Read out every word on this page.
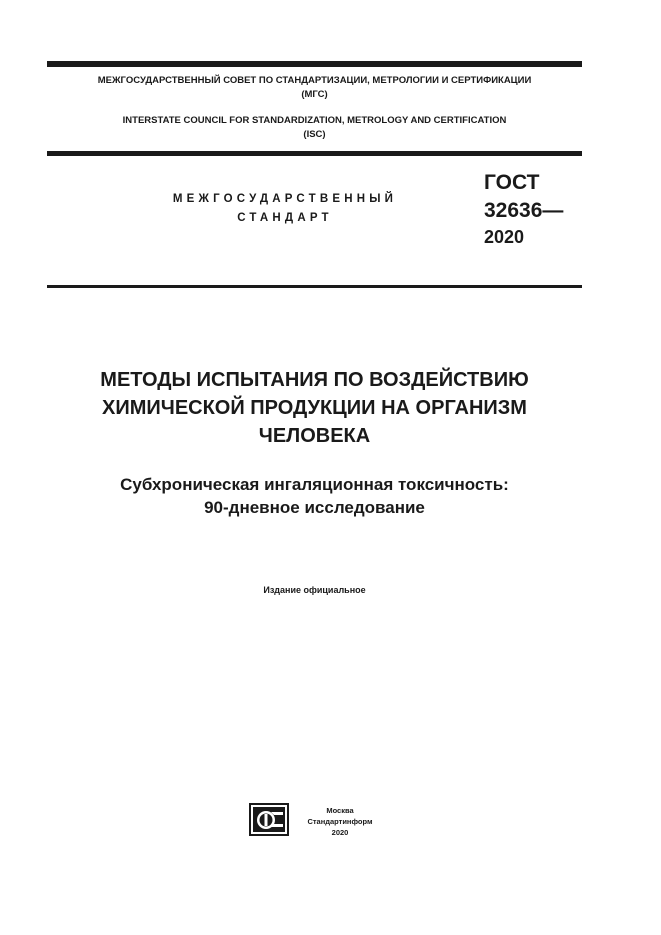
МЕЖГОСУДАРСТВЕННЫЙ СОВЕТ ПО СТАНДАРТИЗАЦИИ, МЕТРОЛОГИИ И СЕРТИФИКАЦИИ
(МГС)
INTERSTATE COUNCIL FOR STANDARDIZATION, METROLOGY AND CERTIFICATION
(ISC)
МЕЖГОСУДАРСТВЕННЫЙ
СТАНДАРТ
ГОСТ
32636—
2020
МЕТОДЫ ИСПЫТАНИЯ ПО ВОЗДЕЙСТВИЮ
ХИМИЧЕСКОЙ ПРОДУКЦИИ НА ОРГАНИЗМ
ЧЕЛОВЕКА
Субхроническая ингаляционная токсичность:
90-дневное исследование
Издание официальное
Москва
Стандартинформ
2020
